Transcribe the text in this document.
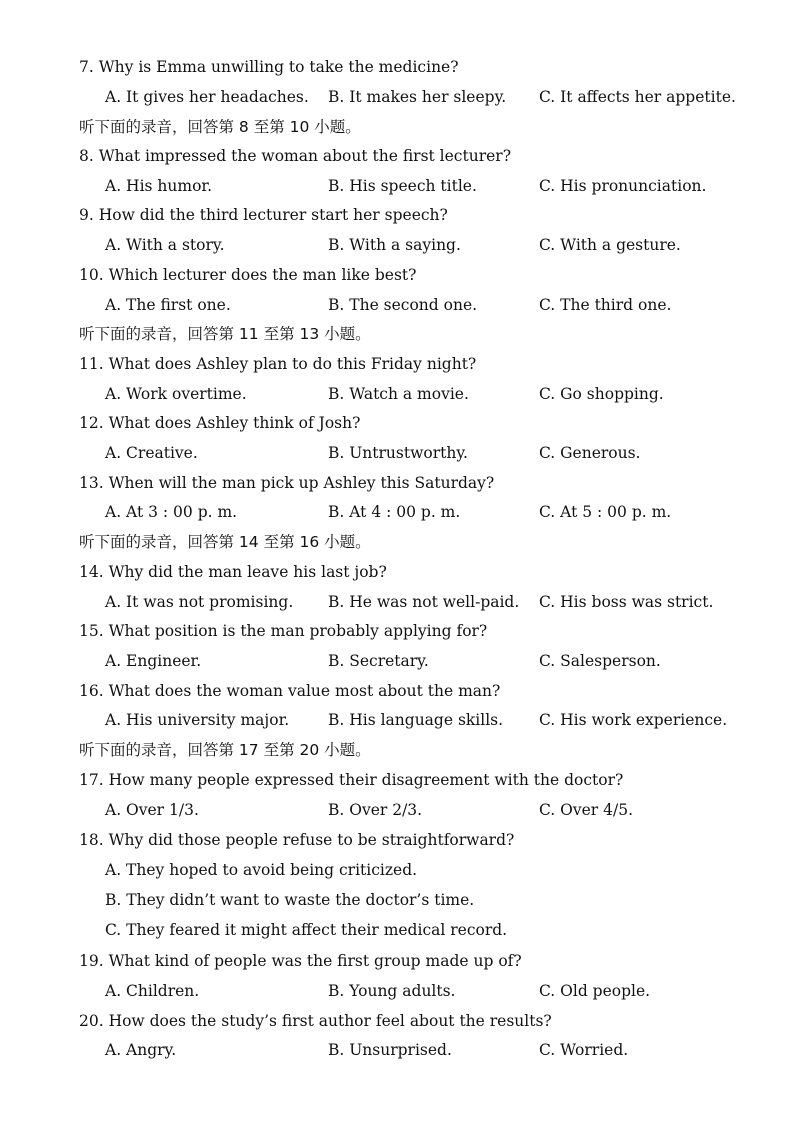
7. Why is Emma unwilling to take the medicine?
A. It gives her headaches. B. It makes her sleepy. C. It affects her appetite.
听下面的录音，回答第 8 至第 10 小题。
8. What impressed the woman about the first lecturer?
A. His humor.	B. His speech title.	C. His pronunciation.
9. How did the third lecturer start her speech?
A. With a story.	B. With a saying.	C. With a gesture.
10. Which lecturer does the man like best?
A. The first one.	B. The second one.	C. The third one.
听下面的录音，回答第 11 至第 13 小题。
11. What does Ashley plan to do this Friday night?
A. Work overtime.	B. Watch a movie.	C. Go shopping.
12. What does Ashley think of Josh?
A. Creative.	B. Untrustworthy.	C. Generous.
13. When will the man pick up Ashley this Saturday?
A. At 3 : 00 p. m.	B. At 4 : 00 p. m.	C. At 5 : 00 p. m.
听下面的录音，回答第 14 至第 16 小题。
14. Why did the man leave his last job?
A. It was not promising. B. He was not well-paid. C. His boss was strict.
15. What position is the man probably applying for?
A. Engineer.	B. Secretary.	C. Salesperson.
16. What does the woman value most about the man?
A. His university major.	B. His language skills. C. His work experience.
听下面的录音，回答第 17 至第 20 小题。
17. How many people expressed their disagreement with the doctor?
A. Over 1/3.	B. Over 2/3.	C. Over 4/5.
18. Why did those people refuse to be straightforward?
A. They hoped to avoid being criticized.
B. They didn’t want to waste the doctor’s time.
C. They feared it might affect their medical record.
19. What kind of people was the first group made up of?
A. Children.	B. Young adults.	C. Old people.
20. How does the study’s first author feel about the results?
A. Angry.	B. Unsurprised.	C. Worried.
